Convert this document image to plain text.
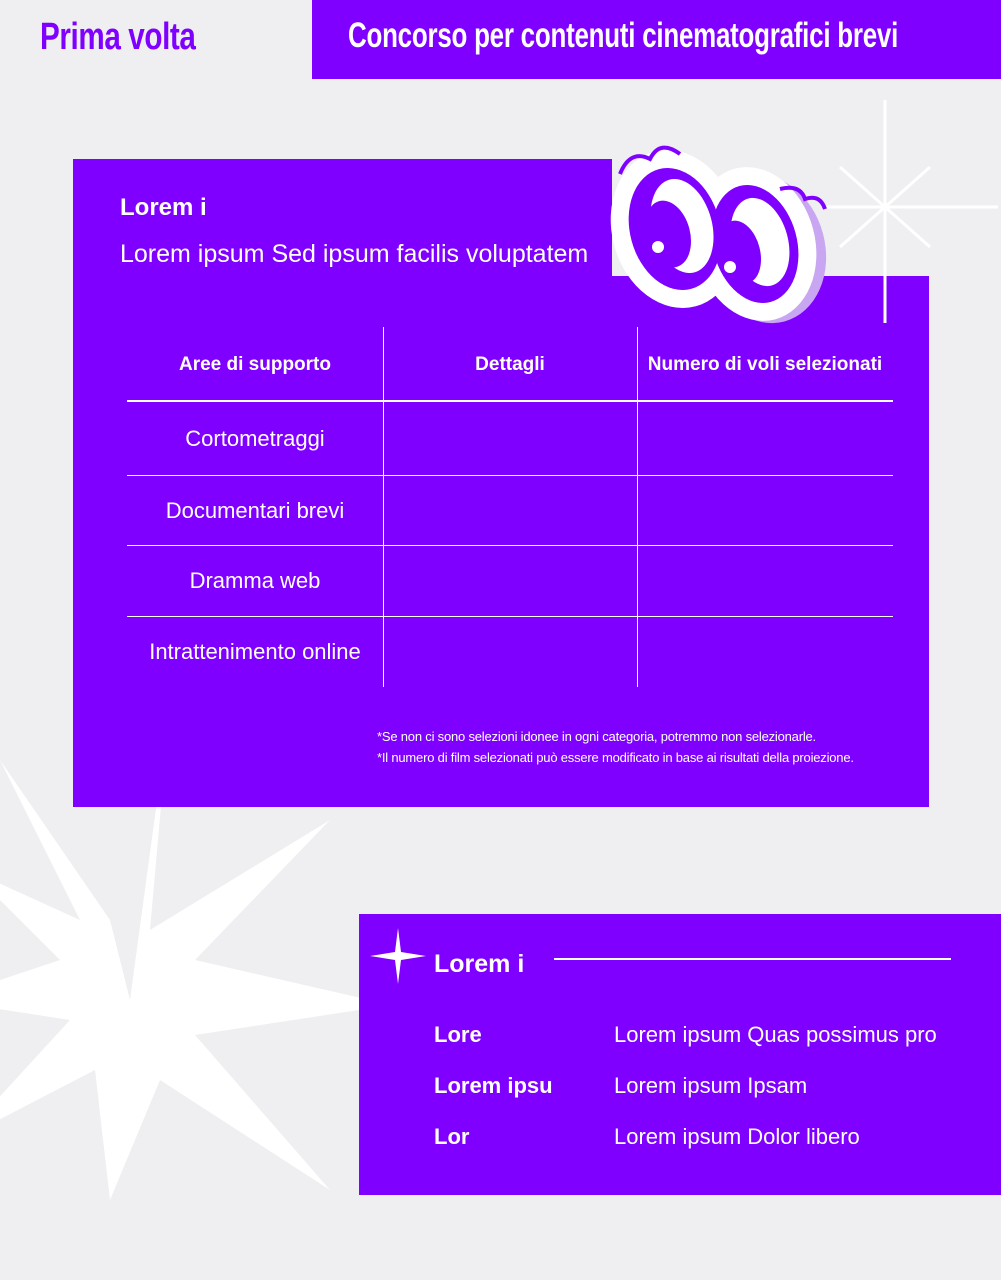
Prima volta	Concorso per contenuti cinematografici brevi
Lorem i
Lorem ipsum Sed ipsum facilis voluptatem
Aree di supporto	Dettagli	Numero di voli selezionati
Cortometraggi
Documentari brevi
Dramma web
Intrattenimento online
*Se non ci sono selezioni idonee in ogni categoria, potremmo non selezionarle.
*Il numero di film selezionati può essere modificato in base ai risultati della proiezione.
Lorem i
Lore	Lorem ipsum Quas possimus pro
Lorem ipsu	Lorem ipsum Ipsam
Lor	Lorem ipsum Dolor libero
